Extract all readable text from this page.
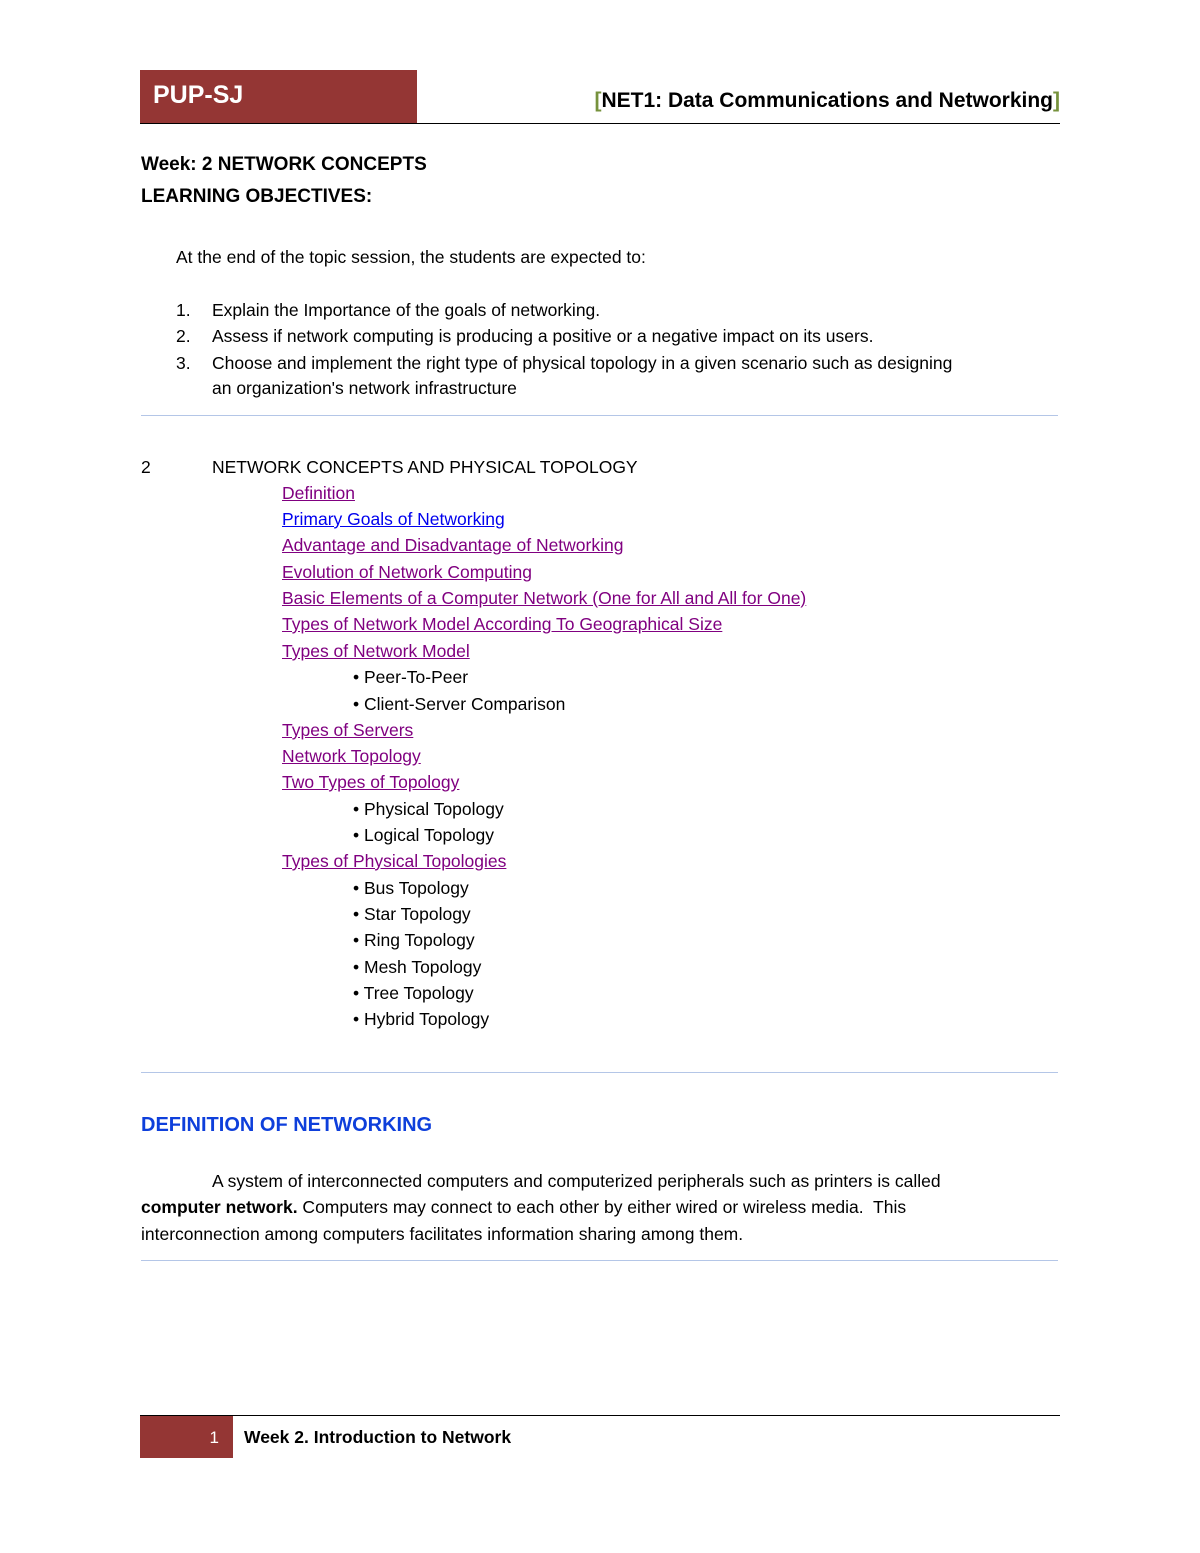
PUP-SJ	[NET1: Data Communications and Networking]
Week: 2 NETWORK CONCEPTS
LEARNING OBJECTIVES:
At the end of the topic session, the students are expected to:
1. Explain the Importance of the goals of networking.
2. Assess if network computing is producing a positive or a negative impact on its users.
3. Choose and implement the right type of physical topology in a given scenario such as designing
an organization's network infrastructure
2	NETWORK CONCEPTS AND PHYSICAL TOPOLOGY
Definition
Primary Goals of Networking
Advantage and Disadvantage of Networking
Evolution of Network Computing
Basic Elements of a Computer Network (One for All and All for One)
Types of Network Model According To Geographical Size
Types of Network Model
• Peer-To-Peer
• Client-Server Comparison
Types of Servers
Network Topology
Two Types of Topology
• Physical Topology
• Logical Topology
Types of Physical Topologies
• Bus Topology
• Star Topology
• Ring Topology
• Mesh Topology
• Tree Topology
• Hybrid Topology
DEFINITION OF NETWORKING
A system of interconnected computers and computerized peripherals such as printers is called
computer network. Computers may connect to each other by either wired or wireless media.  This
interconnection among computers facilitates information sharing among them.
1 Week 2. Introduction to Network
